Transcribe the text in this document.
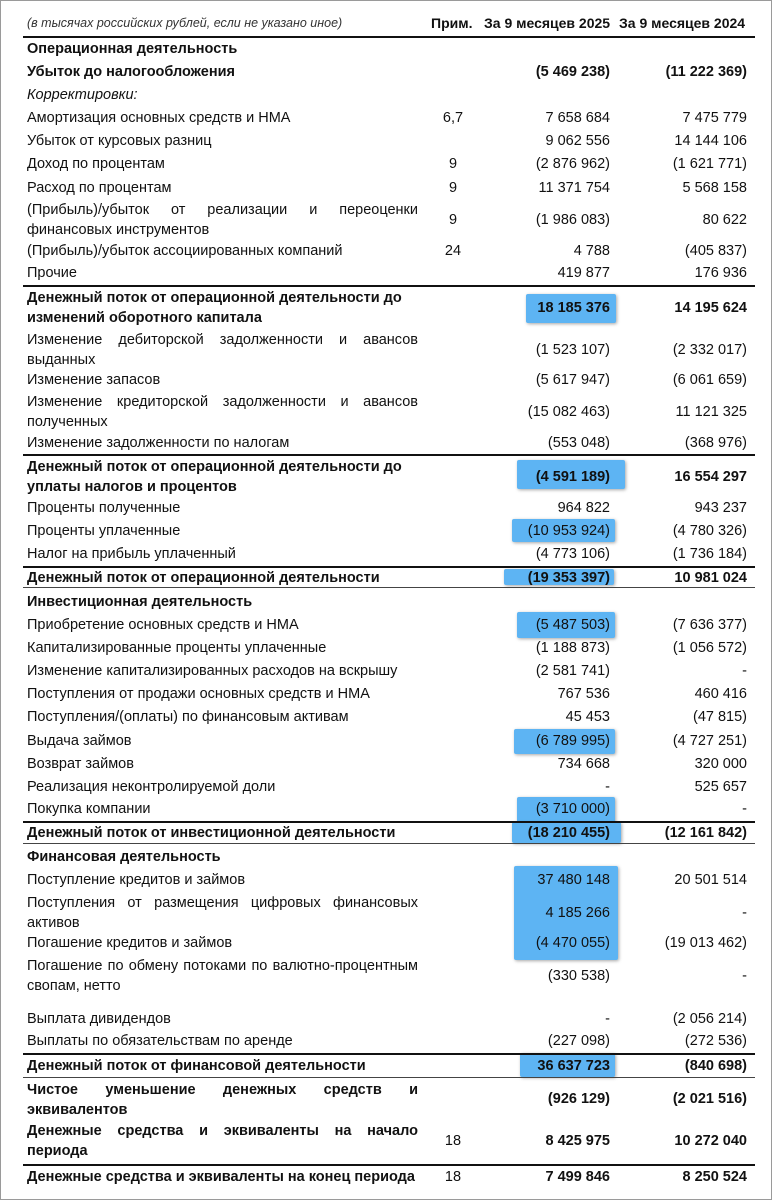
(в тысячах российских рублей, если не указано иное)	Прим. За 9 месяцев 2025 За 9 месяцев 2024
Операционная деятельность
Убыток до налогообложения	(5 469 238)	(11 222 369)
Корректировки:
Амортизация основных средств и НМА	6,7	7 658 684	7 475 779
Убыток от курсовых разниц	9 062 556	14 144 106
Доход по процентам	9	(2 876 962)	(1 621 771)
Расход по процентам	9	11 371 754	5 568 158
(Прибыль)/убыток от реализации и переоценки финансовых инструментов
9	(1 986 083)	80 622
(Прибыль)/убыток ассоциированных компаний	24	4 788	(405 837)
Прочие	419 877	176 936
Денежный поток от операционной деятельности до изменений оборотного капитала
18 185 376	14 195 624
Изменение дебиторской задолженности и авансов выданных
(1 523 107)	(2 332 017)
Изменение запасов	(5 617 947)	(6 061 659)
Изменение кредиторской задолженности и авансов полученных
(15 082 463)	11 121 325
Изменение задолженности по налогам	(553 048)	(368 976)
Денежный поток от операционной деятельности до уплаты налогов и процентов
(4 591 189)	16 554 297
Проценты полученные	964 822	943 237
Проценты уплаченные	(10 953 924)	(4 780 326)
Налог на прибыль уплаченный	(4 773 106)	(1 736 184)
Денежный поток от операционной деятельности	(19 353 397)	10 981 024
Инвестиционная деятельность
Приобретение основных средств и НМА	(5 487 503)	(7 636 377)
Капитализированные проценты уплаченные	(1 188 873)	(1 056 572)
Изменение капитализированных расходов на вскрышу	(2 581 741)	-
Поступления от продажи основных средств и НМА	767 536	460 416
Поступления/(оплаты) по финансовым активам	45 453	(47 815)
Выдача займов	(6 789 995)	(4 727 251)
Возврат займов	734 668	320 000
Реализация неконтролируемой доли	-	525 657
Покупка компании	(3 710 000)	-
Денежный поток от инвестиционной деятельности	(18 210 455)	(12 161 842)
Финансовая деятельность
Поступление кредитов и займов	37 480 148	20 501 514
Поступления от размещения цифровых финансовых активов
4 185 266	-
Погашение кредитов и займов	(4 470 055)	(19 013 462)
Погашение по обмену потоками по валютно-процентным свопам, нетто
(330 538)	-
Выплата дивидендов	-	(2 056 214)
Выплаты по обязательствам по аренде	(227 098)	(272 536)
Денежный поток от финансовой деятельности	36 637 723	(840 698)
Чистое уменьшение денежных средств и эквивалентов
(926 129)	(2 021 516)
Денежные средства и эквиваленты на начало периода
18	8 425 975	10 272 040
Денежные средства и эквиваленты на конец периода	18	7 499 846	8 250 524
